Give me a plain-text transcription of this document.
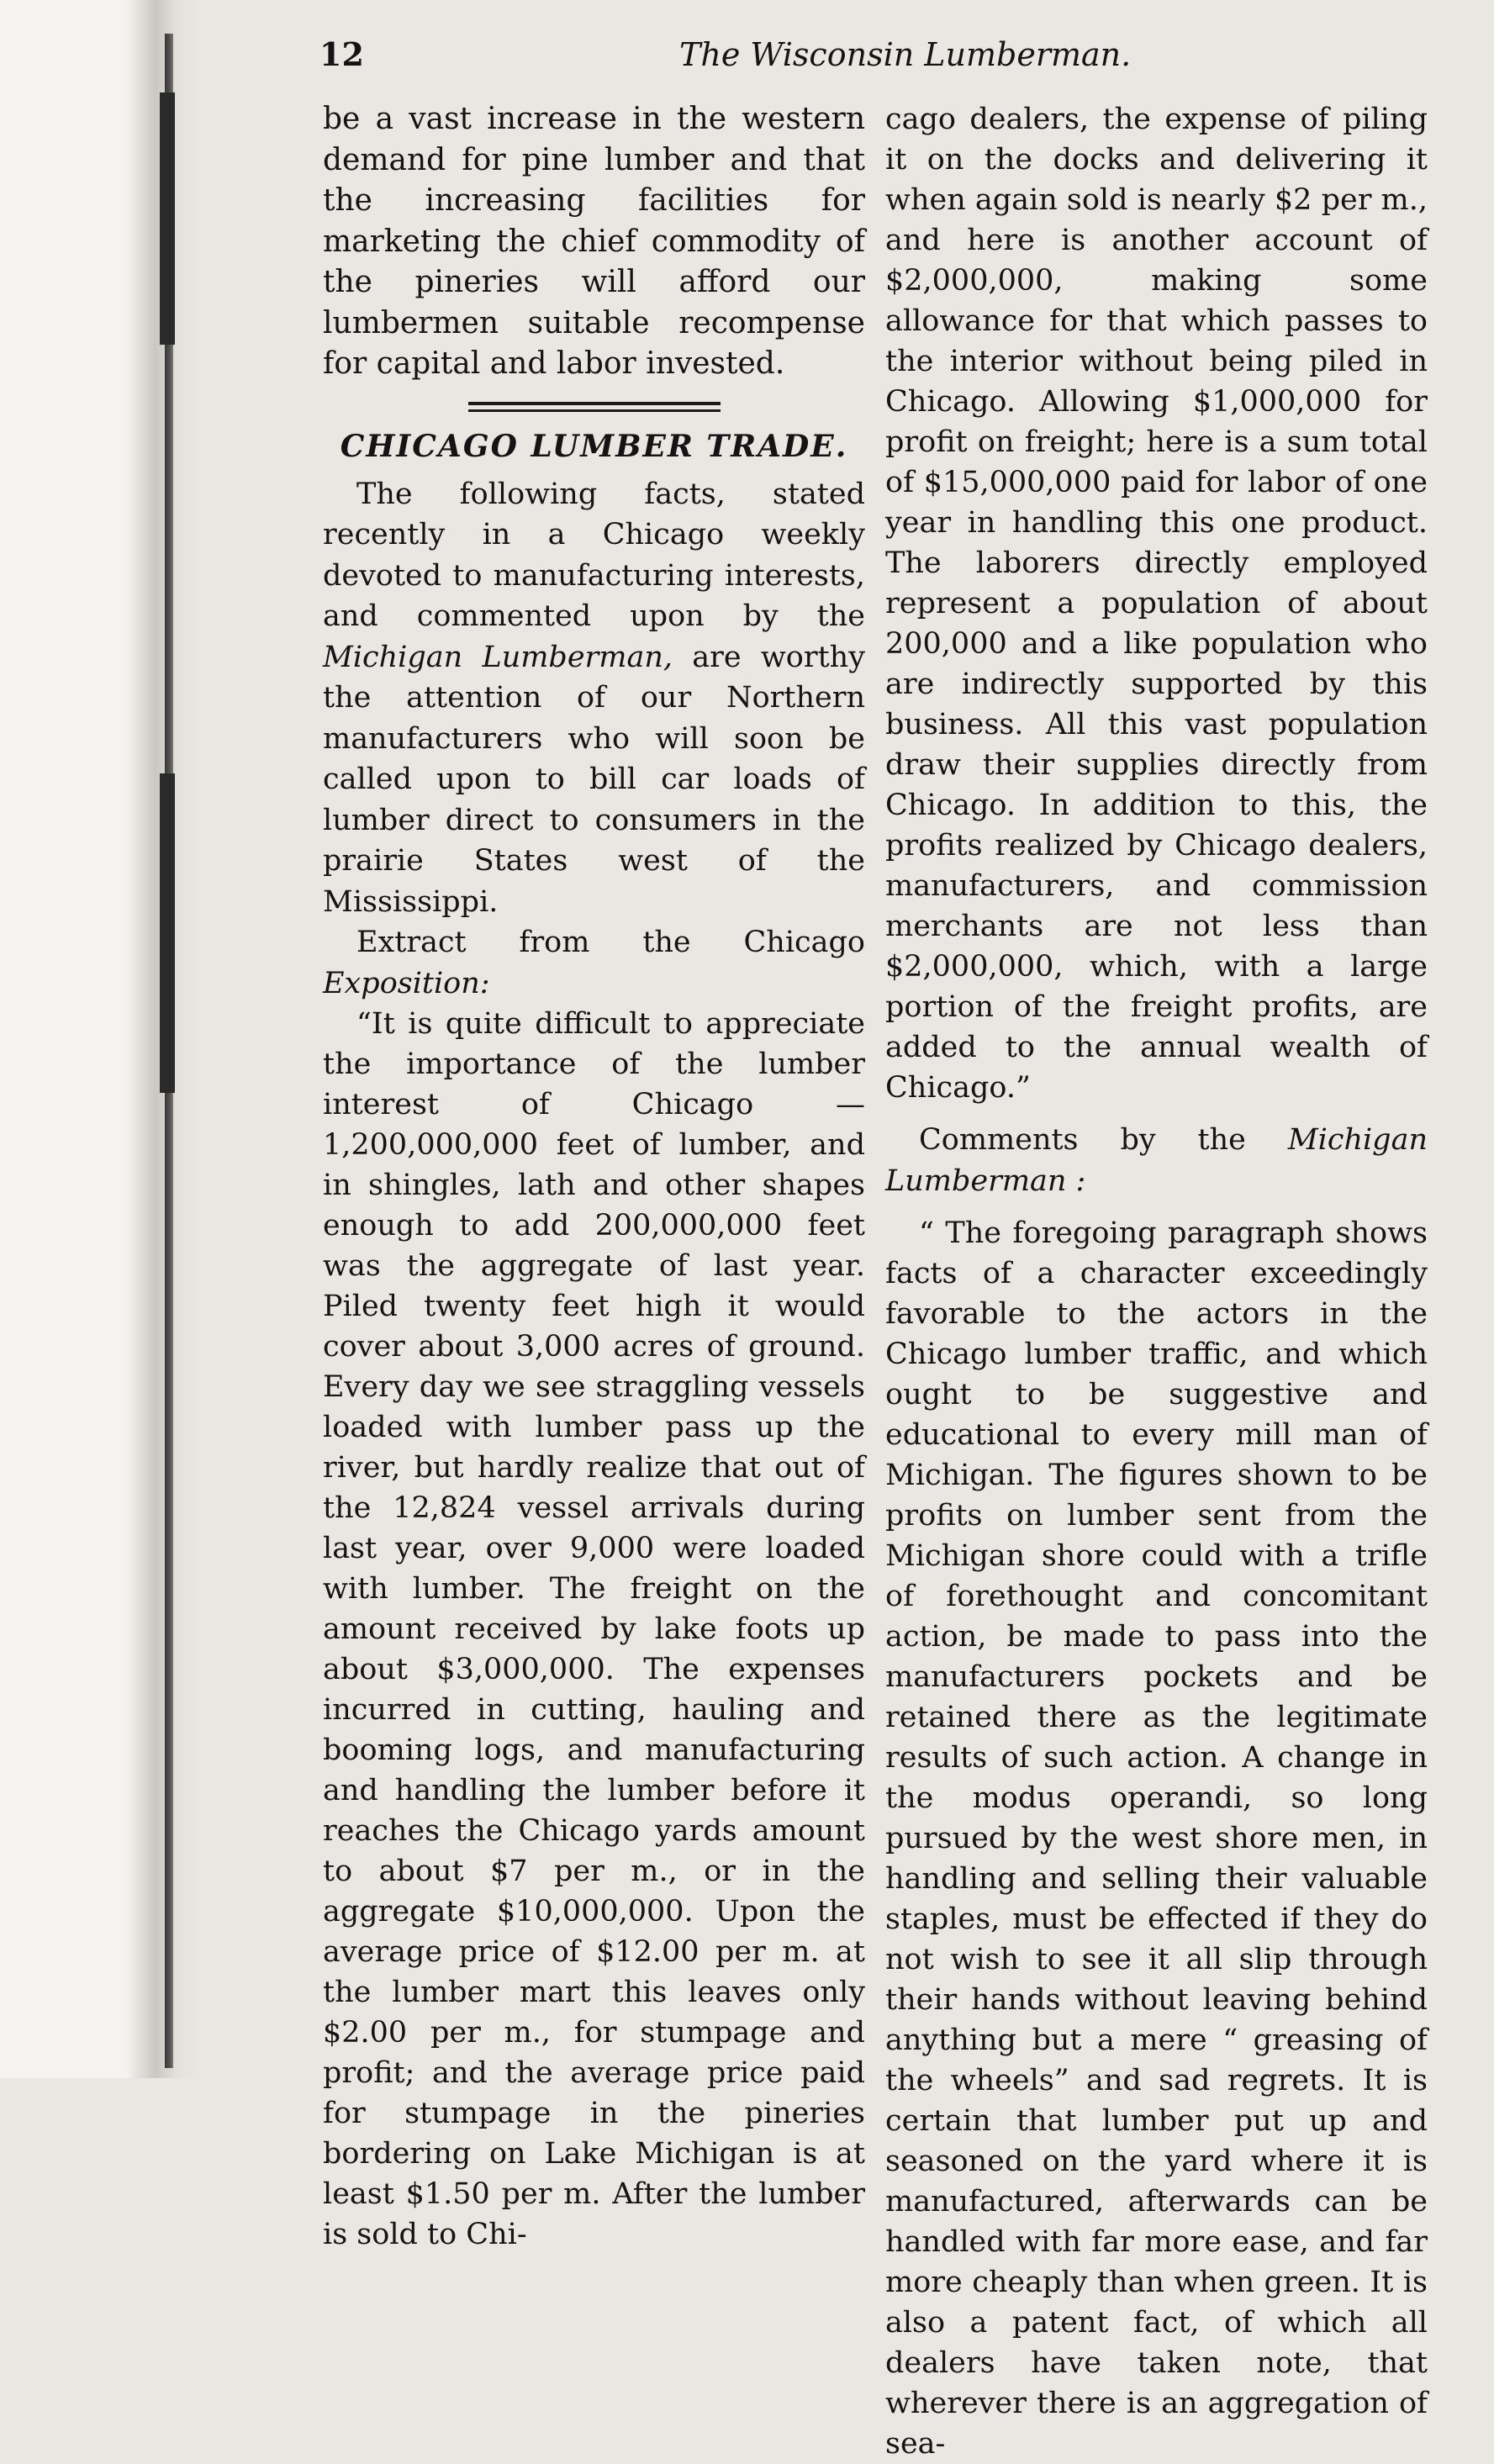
12	The Wisconsin Lumberman.

be a vast increase in the western demand for pine lumber and that the increasing facilities for marketing the chief commodity of the pineries will afford our lumbermen suitable recompense for capital and labor invested.

CHICAGO LUMBER TRADE.

The following facts, stated recently in a Chicago weekly devoted to manufacturing interests, and commented upon by the Michigan Lumberman, are worthy the attention of our Northern manufacturers who will soon be called upon to bill car loads of lumber direct to consumers in the prairie States west of the Mississippi.

Extract from the Chicago Exposition:

“It is quite difficult to appreciate the importance of the lumber interest of Chicago — 1,200,000,000 feet of lumber, and in shingles, lath and other shapes enough to add 200,000,000 feet was the aggregate of last year. Piled twenty feet high it would cover about 3,000 acres of ground. Every day we see straggling vessels loaded with lumber pass up the river, but hardly realize that out of the 12,824 vessel arrivals during last year, over 9,000 were loaded with lumber. The freight on the amount received by lake foots up about $3,000,000. The expenses incurred in cutting, hauling and booming logs, and manufacturing and handling the lumber before it reaches the Chicago yards amount to about $7 per m., or in the aggregate $10,000,000. Upon the average price of $12.00 per m. at the lumber mart this leaves only $2.00 per m., for stumpage and profit; and the average price paid for stumpage in the pineries bordering on Lake Michigan is at least $1.50 per m. After the lumber is sold to Chi-

cago dealers, the expense of piling it on the docks and delivering it when again sold is nearly $2 per m., and here is another account of $2,000,000, making some allowance for that which passes to the interior without being piled in Chicago. Allowing $1,000,000 for profit on freight; here is a sum total of $15,000,000 paid for labor of one year in handling this one product. The laborers directly employed represent a population of about 200,000 and a like population who are indirectly supported by this business. All this vast population draw their supplies directly from Chicago. In addition to this, the profits realized by Chicago dealers, manufacturers, and commission merchants are not less than $2,000,000, which, with a large portion of the freight profits, are added to the annual wealth of Chicago.”

Comments by the Michigan Lumberman :

“ The foregoing paragraph shows facts of a character exceedingly favorable to the actors in the Chicago lumber traffic, and which ought to be suggestive and educational to every mill man of Michigan. The figures shown to be profits on lumber sent from the Michigan shore could with a trifle of forethought and concomitant action, be made to pass into the manufacturers pockets and be retained there as the legitimate results of such action. A change in the modus operandi, so long pursued by the west shore men, in handling and selling their valuable staples, must be effected if they do not wish to see it all slip through their hands without leaving behind anything but a mere “ greasing of the wheels” and sad regrets. It is certain that lumber put up and seasoned on the yard where it is manufactured, afterwards can be handled with far more ease, and far more cheaply than when green. It is also a patent fact, of which all dealers have taken note, that wherever there is an aggregation of sea-
